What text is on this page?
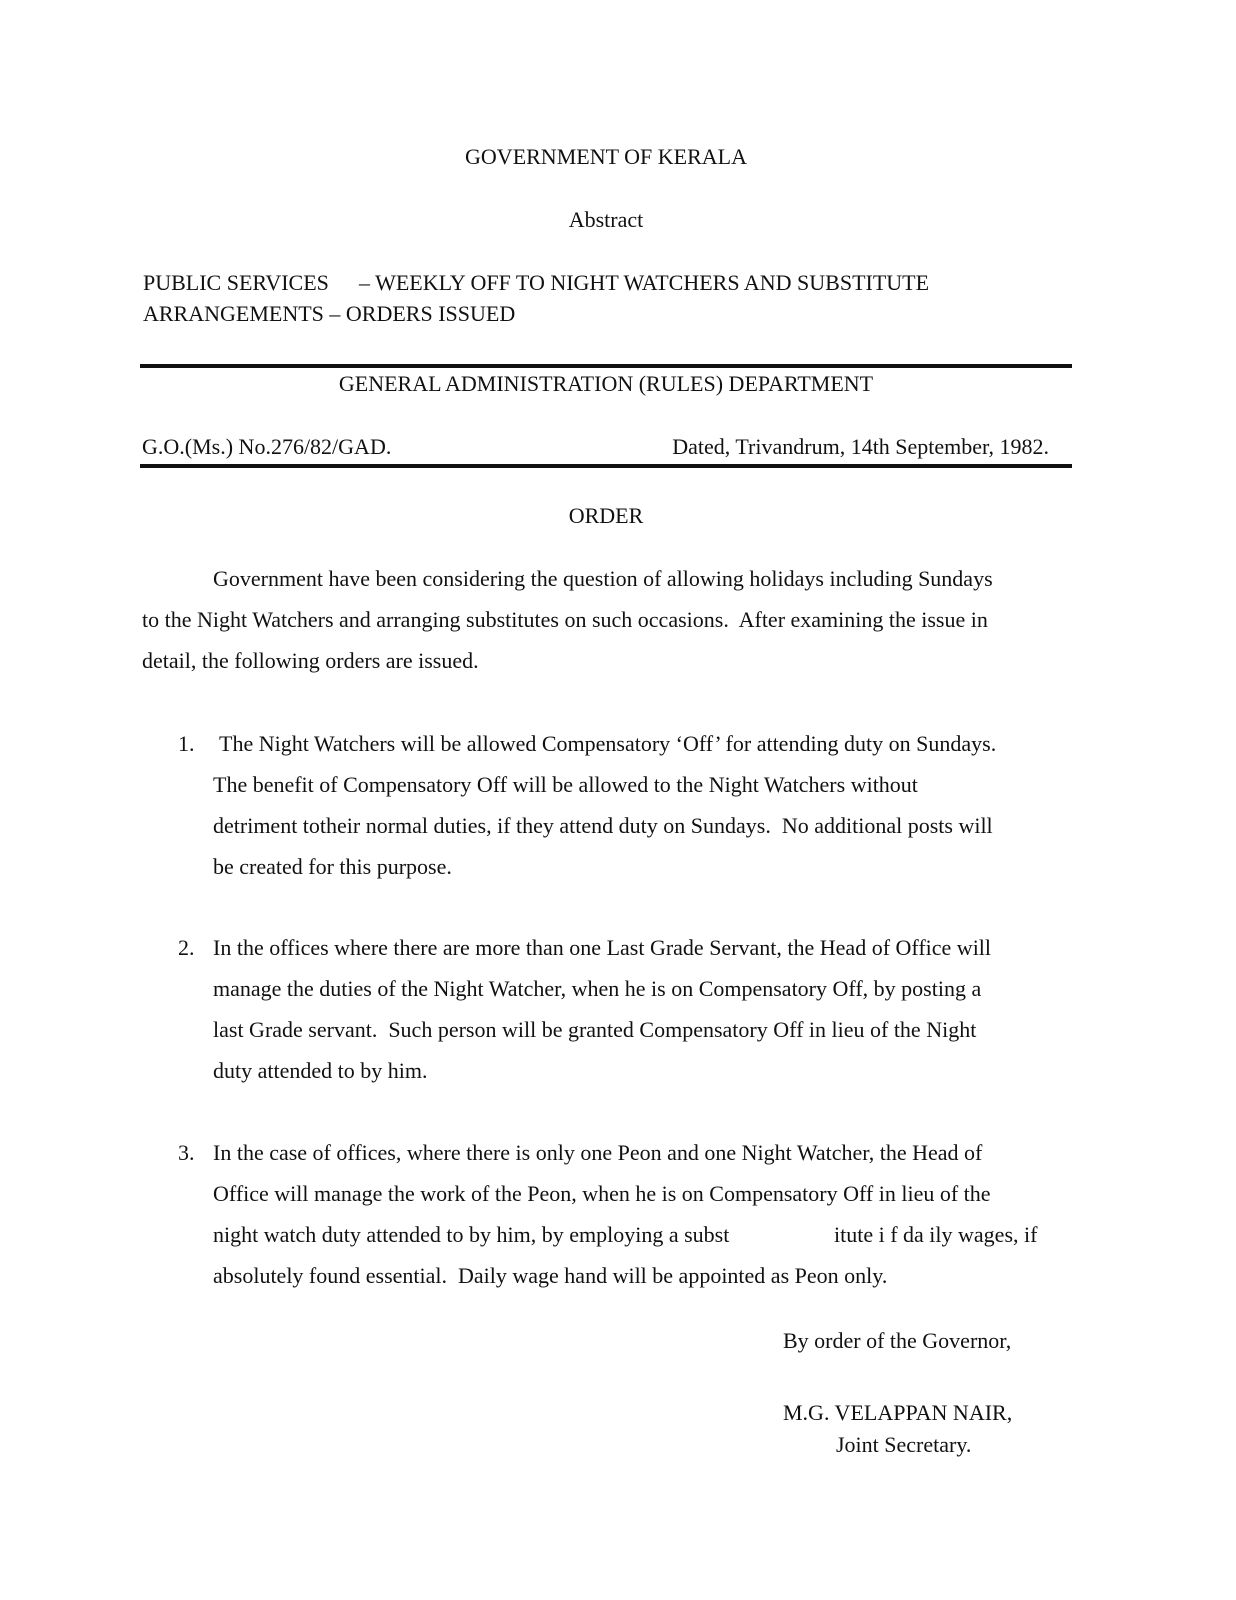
GOVERNMENT OF KERALA
Abstract
PUBLIC SERVICES – WEEKLY OFF TO NIGHT WATCHERS AND SUBSTITUTE
ARRANGEMENTS – ORDERS ISSUED
GENERAL ADMINISTRATION (RULES) DEPARTMENT
G.O.(Ms.) No.276/82/GAD.	Dated, Trivandrum, 14th September, 1982.
ORDER
Government have been considering the question of allowing holidays including Sundays
to the Night Watchers and arranging substitutes on such occasions.  After examining the issue in
detail, the following orders are issued.
1. The Night Watchers will be allowed Compensatory ‘Off’ for attending duty on Sundays.
The benefit of Compensatory Off will be allowed to the Night Watchers without
detriment totheir normal duties, if they attend duty on Sundays.  No additional posts will
be created for this purpose.
2. In the offices where there are more than one Last Grade Servant, the Head of Office will
manage the duties of the Night Watcher, when he is on Compensatory Off, by posting a
last Grade servant.  Such person will be granted Compensatory Off in lieu of the Night
duty attended to by him.
3. In the case of offices, where there is only one Peon and one Night Watcher, the Head of
Office will manage the work of the Peon, when he is on Compensatory Off in lieu of the
night watch duty attended to by him, by employing a subst	itute i f da ily wages, if
absolutely found essential.  Daily wage hand will be appointed as Peon only.
By order of the Governor,
M.G. VELAPPAN NAIR,
Joint Secretary.
